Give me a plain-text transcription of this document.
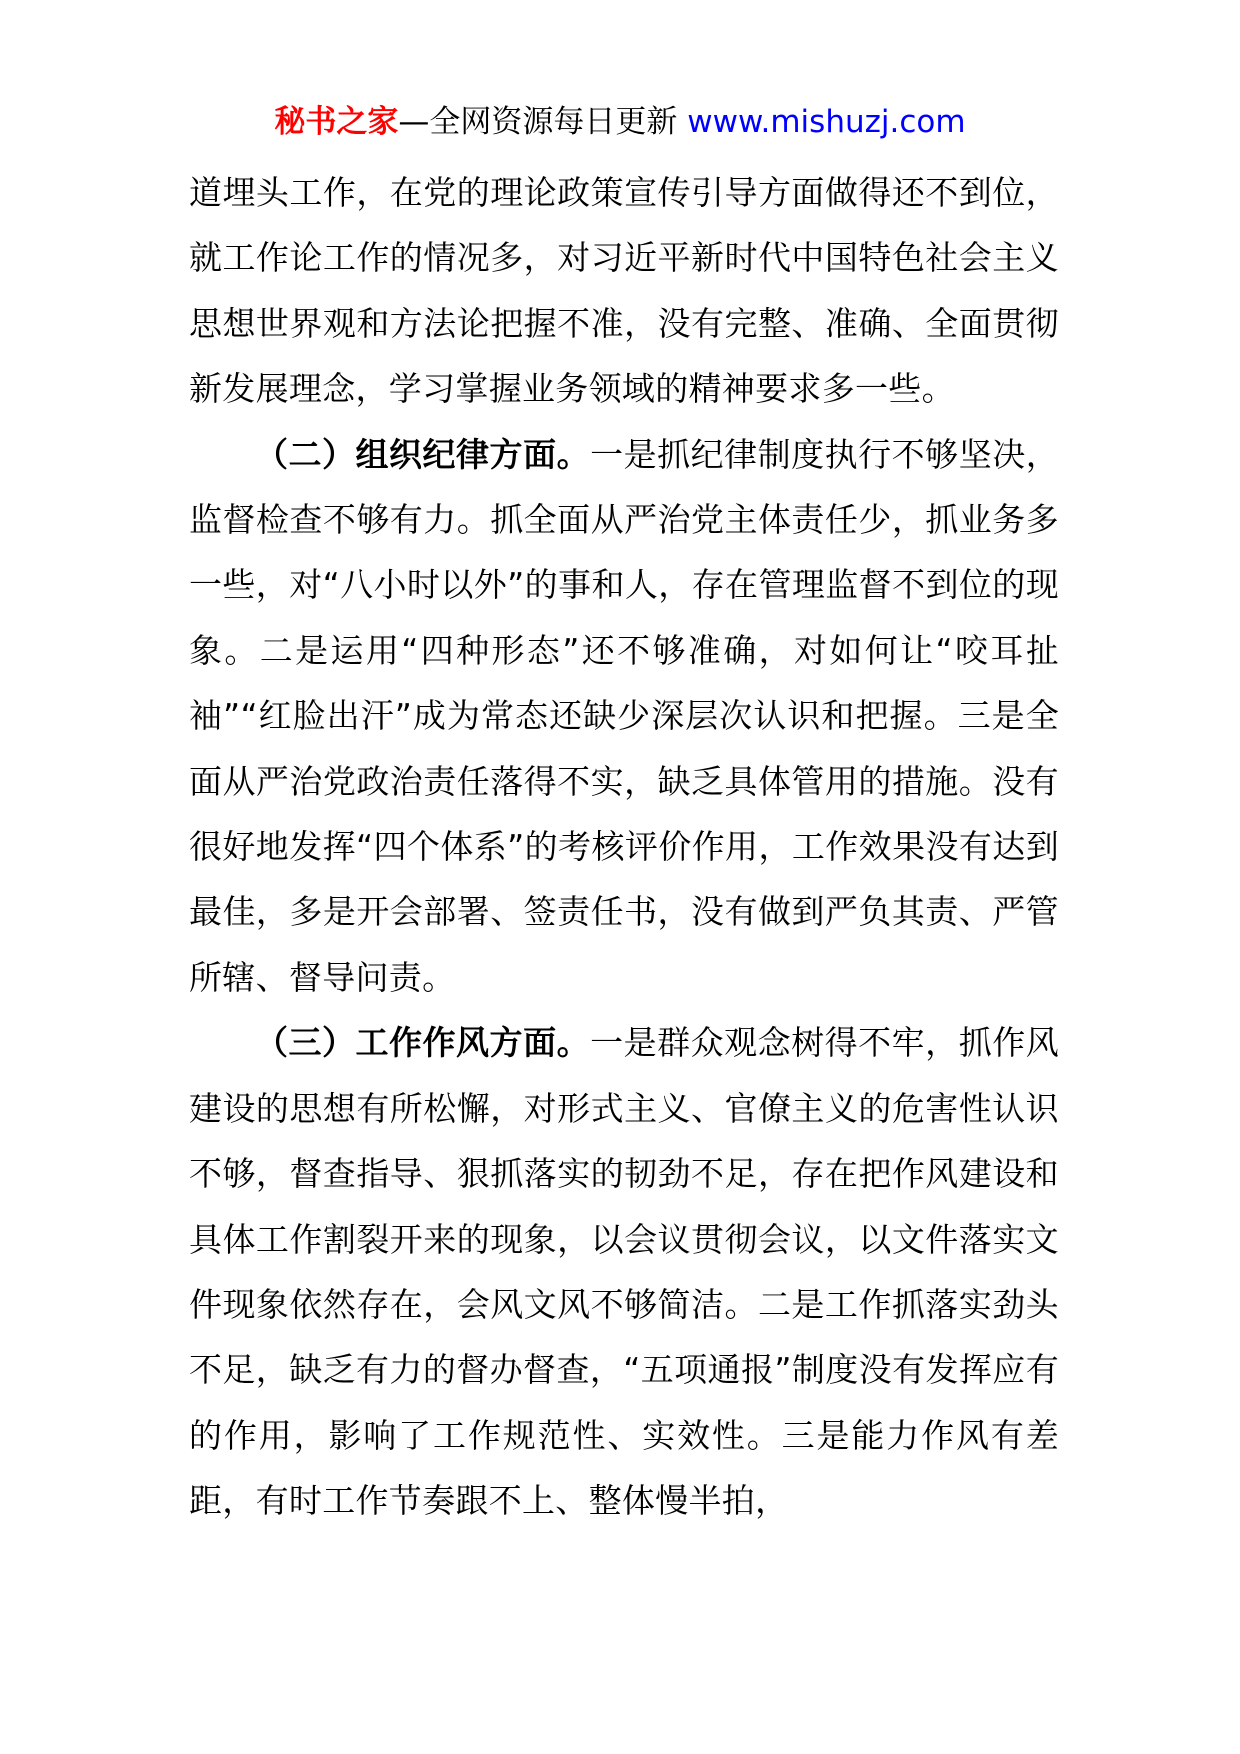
秘书之家—全网资源每日更新 www.mishuzj.com

道埋头工作，在党的理论政策宣传引导方面做得还不到位，就工作论工作的情况多，对习近平新时代中国特色社会主义思想世界观和方法论把握不准，没有完整、准确、全面贯彻新发展理念，学习掌握业务领域的精神要求多一些。

（二）组织纪律方面。一是抓纪律制度执行不够坚决，监督检查不够有力。抓全面从严治党主体责任少，抓业务多一些，对“八小时以外”的事和人，存在管理监督不到位的现象。二是运用“四种形态”还不够准确，对如何让“咬耳扯袖”“红脸出汗”成为常态还缺少深层次认识和把握。三是全面从严治党政治责任落得不实，缺乏具体管用的措施。没有很好地发挥“四个体系”的考核评价作用，工作效果没有达到最佳，多是开会部署、签责任书，没有做到严负其责、严管所辖、督导问责。

（三）工作作风方面。一是群众观念树得不牢，抓作风建设的思想有所松懈，对形式主义、官僚主义的危害性认识不够，督查指导、狠抓落实的韧劲不足，存在把作风建设和具体工作割裂开来的现象，以会议贯彻会议，以文件落实文件现象依然存在，会风文风不够简洁。二是工作抓落实劲头不足，缺乏有力的督办督查，“五项通报”制度没有发挥应有的作用，影响了工作规范性、实效性。三是能力作风有差距，有时工作节奏跟不上、整体慢半拍，
